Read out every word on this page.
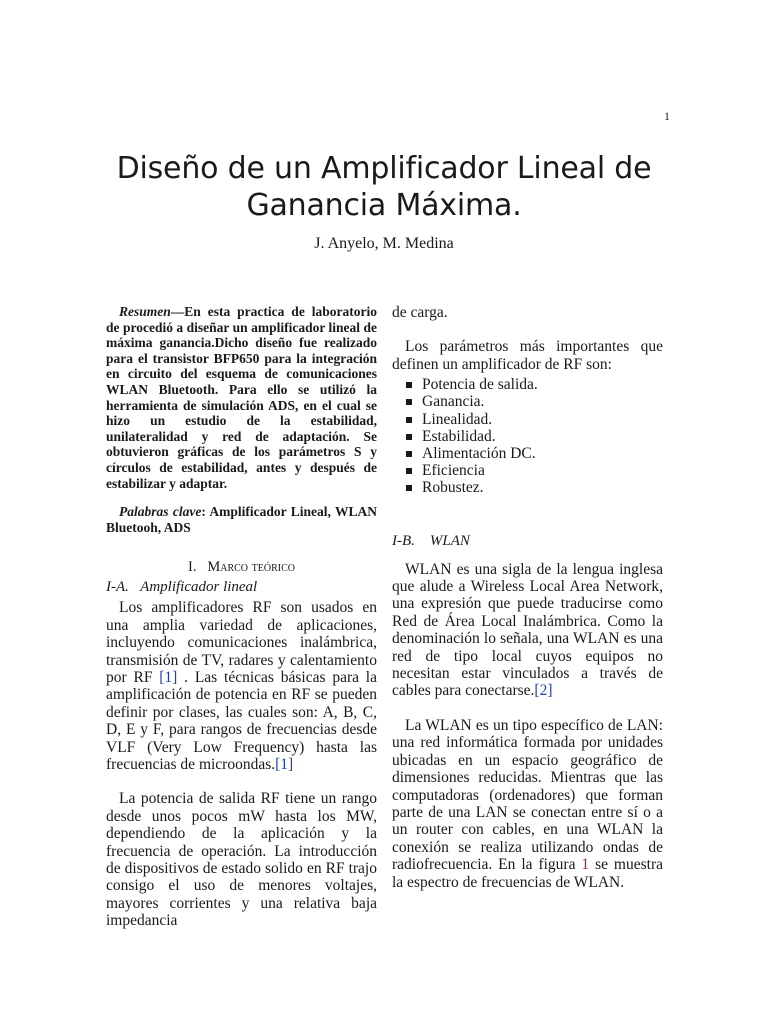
1
Diseño de un Amplificador Lineal de Ganancia Máxima.
J. Anyelo, M. Medina

Resumen—En esta practica de laboratorio de procedió a diseñar un amplificador lineal de máxima ganancia.Dicho diseño fue realizado para el transistor BFP650 para la integración en circuito del esquema de comunicaciones WLAN Bluetooth. Para ello se utilizó la herramienta de simulación ADS, en el cual se hizo un estudio de la estabilidad, unilateralidad y red de adaptación. Se obtuvieron gráficas de los parámetros S y círculos de estabilidad, antes y después de estabilizar y adaptar.

Palabras clave: Amplificador Lineal, WLAN Bluetooh, ADS

I. Marco teórico
I-A. Amplificador lineal

Los amplificadores RF son usados en una amplia variedad de aplicaciones, incluyendo comunicaciones inalámbrica, transmisión de TV, radares y calentamiento por RF [1] . Las técnicas básicas para la amplificación de potencia en RF se pueden definir por clases, las cuales son: A, B, C, D, E y F, para rangos de frecuencias desde VLF (Very Low Frequency) hasta las frecuencias de microondas.[1]

La potencia de salida RF tiene un rango desde unos pocos mW hasta los MW, dependiendo de la aplicación y la frecuencia de operación. La introducción de dispositivos de estado solido en RF trajo consigo el uso de menores voltajes, mayores corrientes y una relativa baja impedancia

de carga.

Los parámetros más importantes que definen un amplificador de RF son:

Potencia de salida.
Ganancia.
Linealidad.
Estabilidad.
Alimentación DC.
Eficiencia
Robustez.
I-B. WLAN

WLAN es una sigla de la lengua inglesa que alude a Wireless Local Area Network, una expresión que puede traducirse como Red de Área Local Inalámbrica. Como la denominación lo señala, una WLAN es una red de tipo local cuyos equipos no necesitan estar vinculados a través de cables para conectarse.[2]

La WLAN es un tipo específico de LAN: una red informática formada por unidades ubicadas en un espacio geográfico de dimensiones reducidas. Mientras que las computadoras (ordenadores) que forman parte de una LAN se conectan entre sí o a un router con cables, en una WLAN la conexión se realiza utilizando ondas de radiofrecuencia. En la figura 1 se muestra la espectro de frecuencias de WLAN.
